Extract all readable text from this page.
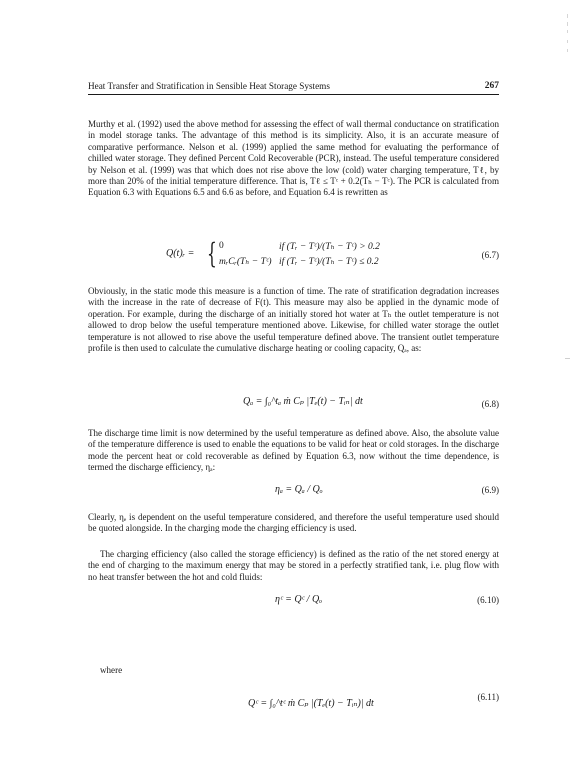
Heat Transfer and Stratification in Sensible Heat Storage Systems	267

Murthy et al. (1992) used the above method for assessing the effect of wall thermal conductance on stratification in model storage tanks. The advantage of this method is its simplicity. Also, it is an accurate measure of comparative performance. Nelson et al. (1999) applied the same method for evaluating the performance of chilled water storage. They defined Percent Cold Recoverable (PCR), instead. The useful temperature considered by Nelson et al. (1999) was that which does not rise above the low (cold) water charging temperature, Tℓ, by more than 20% of the initial temperature difference. That is, Tℓ ≤ Tᶜ + 0.2(Tₕ − Tᶜ). The PCR is calculated from Equation 6.3 with Equations 6.5 and 6.6 as before, and Equation 6.4 is rewritten as

Q(t)ᵣ = { 0	if (Tᵣ − Tᶜ)/(Tₕ − Tᶜ) > 0.2
mᵣCᵣ(Tₕ − Tᶜ) if (Tᵣ − Tᶜ)/(Tₕ − Tᶜ) ≤ 0.2
(6.7)

Obviously, in the static mode this measure is a function of time. The rate of stratification degradation increases with the increase in the rate of decrease of F(t). This measure may also be applied in the dynamic mode of operation. For example, during the discharge of an initially stored hot water at Tₕ the outlet temperature is not allowed to drop below the useful temperature mentioned above. Likewise, for chilled water storage the outlet temperature is not allowed to rise above the useful temperature defined above. The transient outlet temperature profile is then used to calculate the cumulative discharge heating or cooling capacity, Qₐ, as:

Qₐ = ∫₀^tₐ ṁ Cₚ |Tₑ(t) − Tᵢₙ| dt	(6.8)

The discharge time limit is now determined by the useful temperature as defined above. Also, the absolute value of the temperature difference is used to enable the equations to be valid for heat or cold storages. In the discharge mode the percent heat or cold recoverable as defined by Equation 6.3, now without the time dependence, is termed the discharge efficiency, ηₐ:

ηₐ = Qₐ / Qₒ	(6.9)

Clearly, ηₑ is dependent on the useful temperature considered, and therefore the useful temperature used should be quoted alongside. In the charging mode the charging efficiency is used.

The charging efficiency (also called the storage efficiency) is defined as the ratio of the net stored energy at the end of charging to the maximum energy that may be stored in a perfectly stratified tank, i.e. plug flow with no heat transfer between the hot and cold fluids:

ηᶜ = Qᶜ / Qₒ	(6.10)
where
Qᶜ = ∫₀^tᶜ ṁ Cₚ |(Tₑ(t) − Tᵢₙ)| dt
(6.11)
